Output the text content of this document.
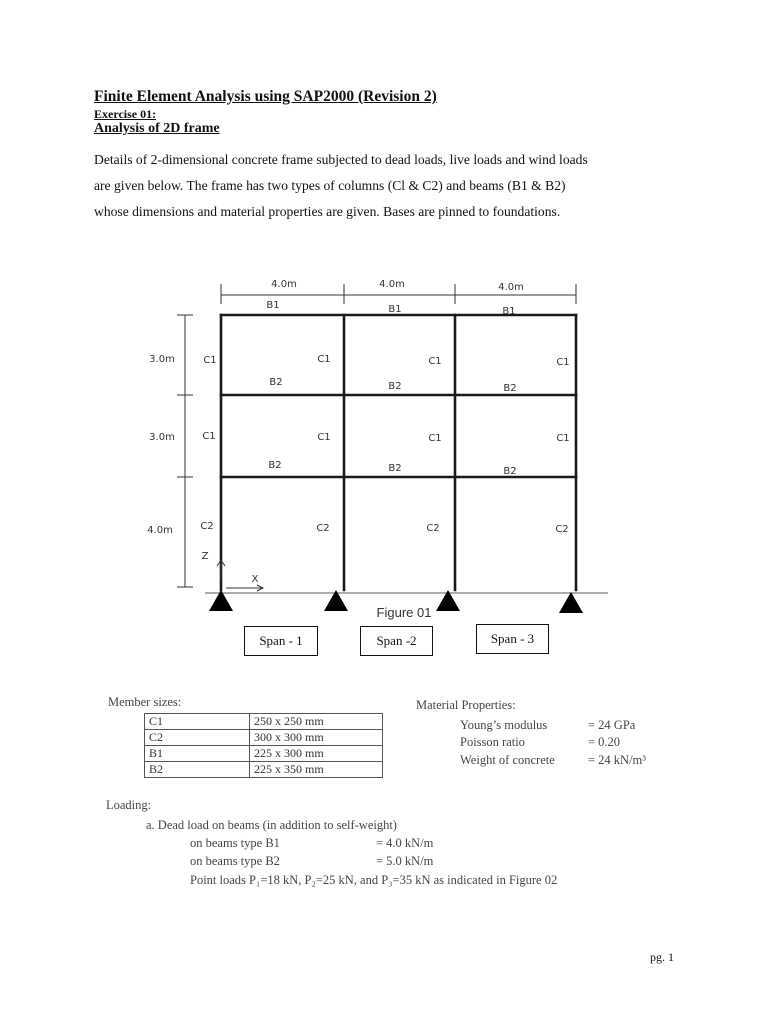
Finite Element Analysis using SAP2000 (Revision 2)
Exercise 01:
Analysis of 2D frame

Details of 2-dimensional concrete frame subjected to dead loads, live loads and wind loads

are given below. The frame has two types of columns (Cl & C2) and beams (B1 & B2)

whose dimensions and material properties are given. Bases are pinned to foundations.

4.0m	4.0m	4.0m
3.0m
3.0m
4.0m
B1	B1	B1
B2	B2	B2
B2	B2	B2
C1	C1	C1	C1
C1	C1	C1	C1
C2	C2	C2	C2
Z
X
Figure 01
Span - 1	Span -2	Span - 3
Member sizes:
C1	250 x 250 mm
C2	300 x 300 mm
B1	225 x 300 mm
B2	225 x 350 mm
Material Properties:
Young’s modulus	= 24 GPa
Poisson ratio	= 0.20
Weight of concrete	= 24 kN/m³
Loading:
a. Dead load on beams (in addition to self-weight)
on beams type B1	= 4.0 kN/m
on beams type B2	= 5.0 kN/m
Point loads P₁=18 kN, P₂=25 kN, and P₃=35 kN as indicated in Figure 02
pg. 1
